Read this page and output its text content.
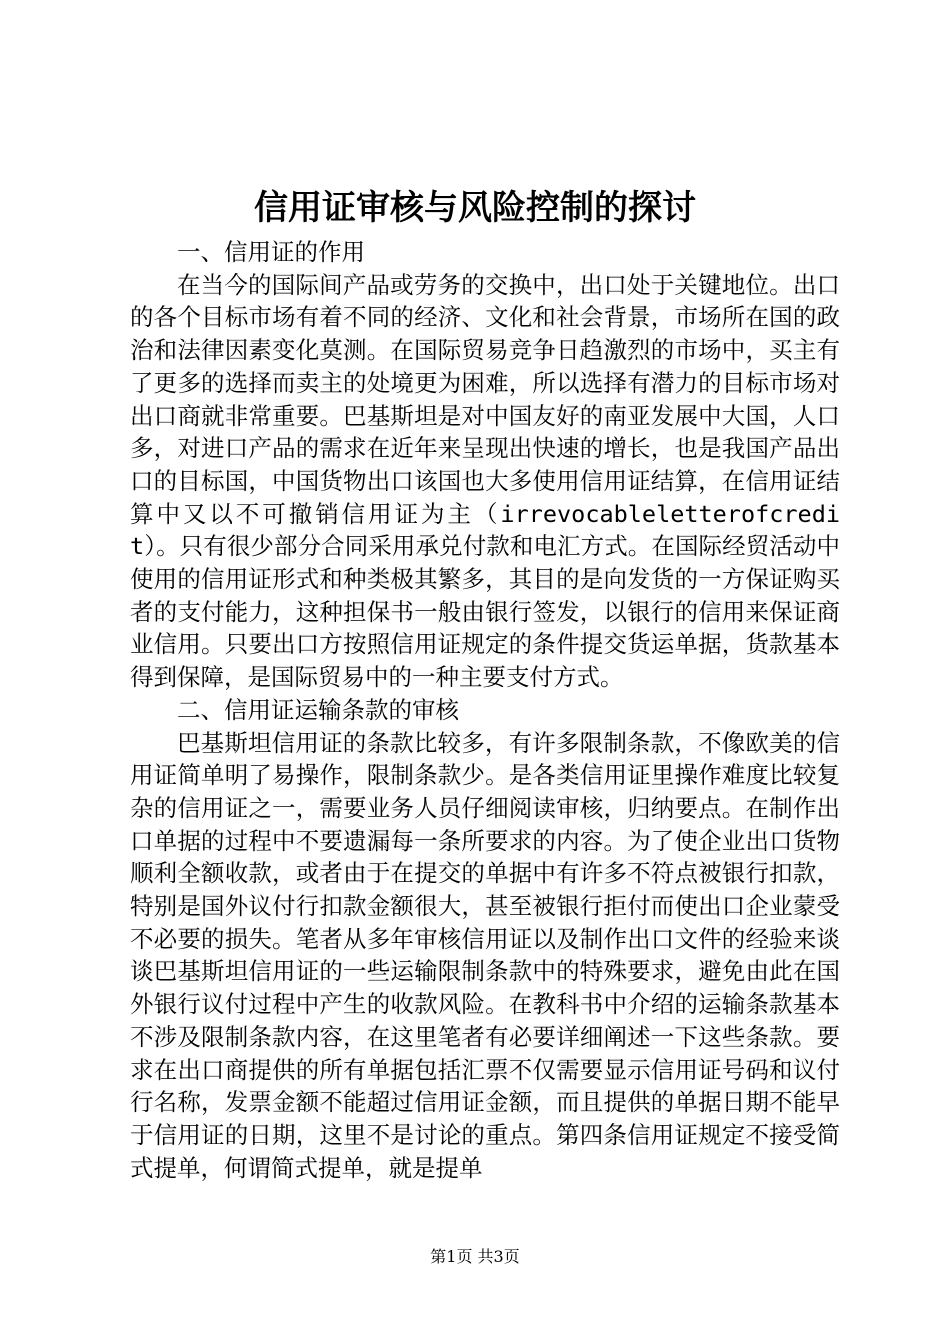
信用证审核与风险控制的探讨
一、信用证的作用
在当今的国际间产品或劳务的交换中，出口处于关键地位。出口的各个目标市场有着不同的经济、文化和社会背景，市场所在国的政治和法律因素变化莫测。在国际贸易竞争日趋激烈的市场中，买主有了更多的选择而卖主的处境更为困难，所以选择有潜力的目标市场对出口商就非常重要。巴基斯坦是对中国友好的南亚发展中大国，人口多，对进口产品的需求在近年来呈现出快速的增长，也是我国产品出口的目标国，中国货物出口该国也大多使用信用证结算，在信用证结算中又以不可撤销信用证为主（irrevocableletterofcredit）。只有很少部分合同采用承兑付款和电汇方式。在国际经贸活动中使用的信用证形式和种类极其繁多，其目的是向发货的一方保证购买者的支付能力，这种担保书一般由银行签发，以银行的信用来保证商业信用。只要出口方按照信用证规定的条件提交货运单据，货款基本得到保障，是国际贸易中的一种主要支付方式。
二、信用证运输条款的审核
巴基斯坦信用证的条款比较多，有许多限制条款，不像欧美的信用证简单明了易操作，限制条款少。是各类信用证里操作难度比较复杂的信用证之一，需要业务人员仔细阅读审核，归纳要点。在制作出口单据的过程中不要遗漏每一条所要求的内容。为了使企业出口货物顺利全额收款，或者由于在提交的单据中有许多不符点被银行扣款，特别是国外议付行扣款金额很大，甚至被银行拒付而使出口企业蒙受不必要的损失。笔者从多年审核信用证以及制作出口文件的经验来谈谈巴基斯坦信用证的一些运输限制条款中的特殊要求，避免由此在国外银行议付过程中产生的收款风险。在教科书中介绍的运输条款基本不涉及限制条款内容，在这里笔者有必要详细阐述一下这些条款。要求在出口商提供的所有单据包括汇票不仅需要显示信用证号码和议付行名称，发票金额不能超过信用证金额，而且提供的单据日期不能早于信用证的日期，这里不是讨论的重点。第四条信用证规定不接受简式提单，何谓简式提单，就是提单
第1页 共3页
